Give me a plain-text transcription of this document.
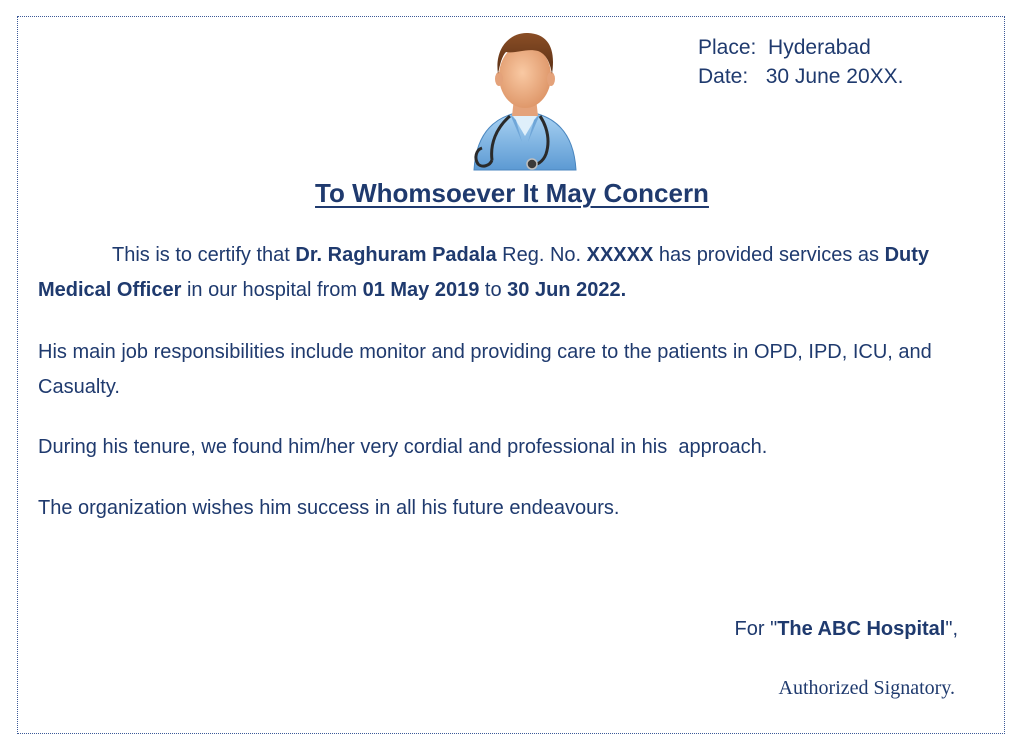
Place: Hyderabad
Date: 30 June 20XX.
To Whomsoever It May Concern
This is to certify that Dr. Raghuram Padala Reg. No. XXXXX has provided services as Duty Medical Officer in our hospital from 01 May 2019 to 30 Jun 2022.
His main job responsibilities include monitor and providing care to the patients in OPD, IPD, ICU, and Casualty.
During his tenure, we found him/her very cordial and professional in his  approach.
The organization wishes him success in all his future endeavours.
For "The ABC Hospital",
Authorized Signatory.
